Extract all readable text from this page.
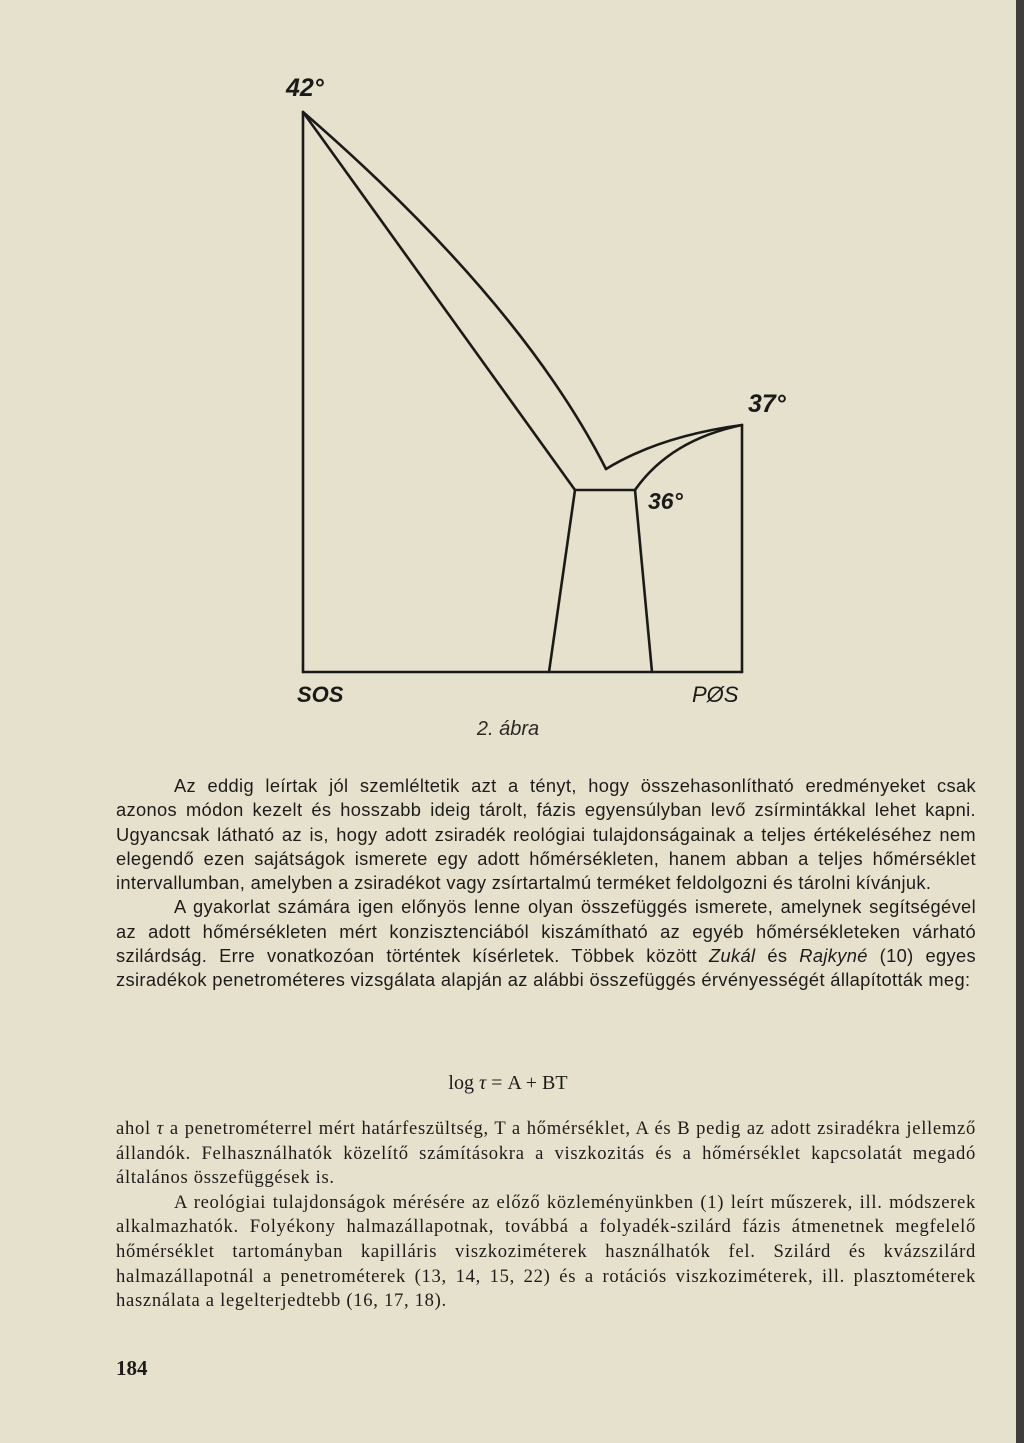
42°
37°
36°
SOS	PØS
2. ábra

Az eddig leírtak jól szemléltetik azt a tényt, hogy összehasonlítható eredményeket csak azonos módon kezelt és hosszabb ideig tárolt, fázis egyensúlyban levő zsírmintákkal lehet kapni. Ugyancsak látható az is, hogy adott zsiradék reológiai tulajdonságainak a teljes értékeléséhez nem elegendő ezen sajátságok ismerete egy adott hőmérsékleten, hanem abban a teljes hőmérséklet intervallumban, amelyben a zsiradékot vagy zsírtartalmú terméket feldolgozni és tárolni kívánjuk.

A gyakorlat számára igen előnyös lenne olyan összefüggés ismerete, amelynek segítségével az adott hőmérsékleten mért konzisztenciából kiszámítható az egyéb hőmérsékleteken várható szilárdság. Erre vonatkozóan történtek kísérletek. Többek között Zukál és Rajkyné (10) egyes zsiradékok penetrométeres vizsgálata alapján az alábbi összefüggés érvényességét állapították meg:

log τ = A + BT

ahol τ a penetrométerrel mért határfeszültség, T a hőmérséklet, A és B pedig az adott zsiradékra jellemző állandók. Felhasználhatók közelítő számításokra a viszkozitás és a hőmérséklet kapcsolatát megadó általános összefüggések is.

A reológiai tulajdonságok mérésére az előző közleményünkben (1) leírt műszerek, ill. módszerek alkalmazhatók. Folyékony halmazállapotnak, továbbá a folyadék-szilárd fázis átmenetnek megfelelő hőmérséklet tartományban kapilláris viszkoziméterek használhatók fel. Szilárd és kvázszilárd halmazállapotnál a penetrométerek (13, 14, 15, 22) és a rotációs viszkoziméterek, ill. plasztométerek használata a legelterjedtebb (16, 17, 18).

184
